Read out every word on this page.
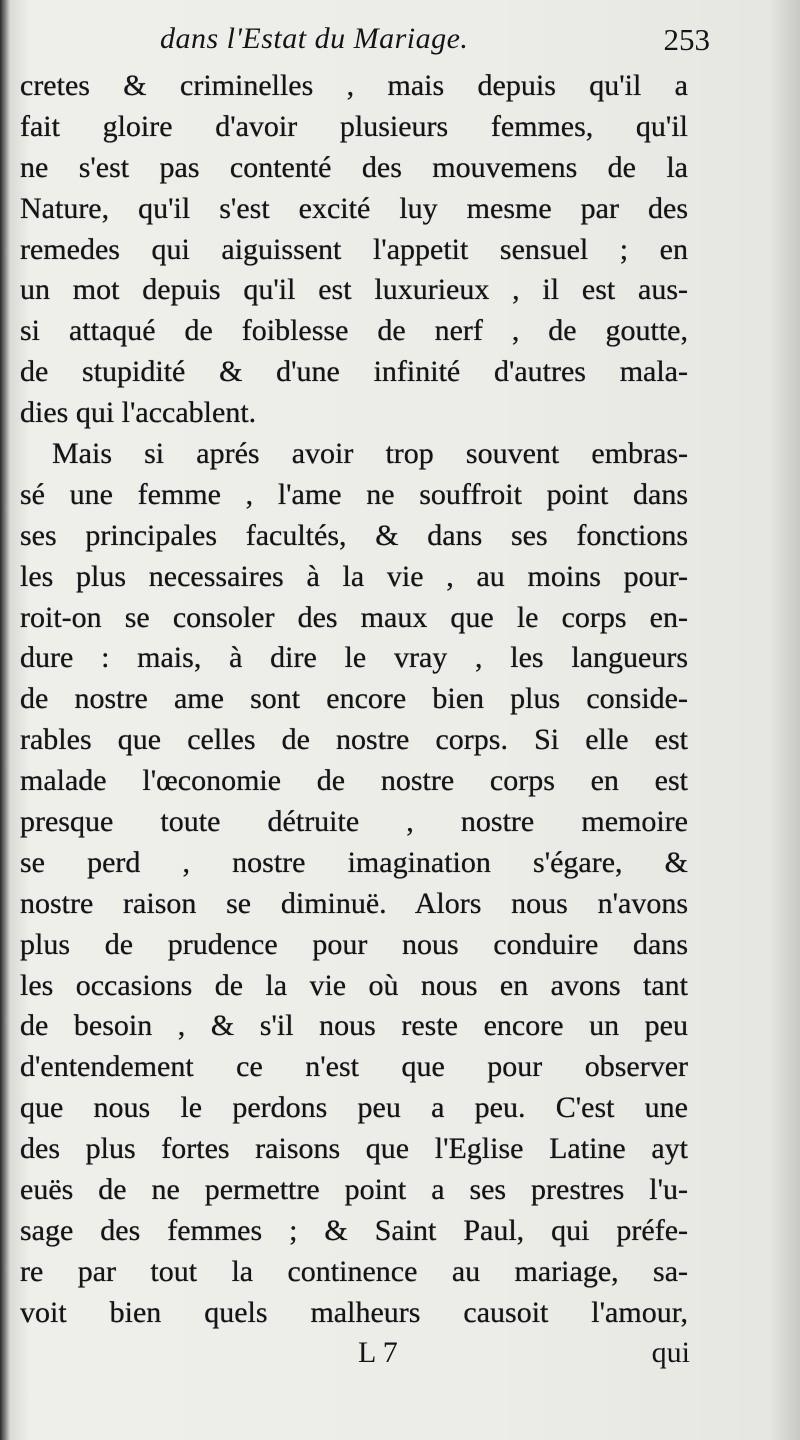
dans l'Estat du Mariage.	253
cretes & criminelles , mais depuis qu'il a
fait gloire d'avoir plusieurs femmes, qu'il
ne s'est pas contenté des mouvemens de la
Nature, qu'il s'est excité luy mesme par des
remedes qui aiguissent l'appetit sensuel ; en
un mot depuis qu'il est luxurieux , il est aus-
si attaqué de foiblesse de nerf , de goutte,
de stupidité & d'une infinité d'autres mala-
dies qui l'accablent.
Mais si aprés avoir trop souvent embras-
sé une femme , l'ame ne souffroit point dans
ses principales facultés, & dans ses fonctions
les plus necessaires à la vie , au moins pour-
roit-on se consoler des maux que le corps en-
dure : mais, à dire le vray , les langueurs
de nostre ame sont encore bien plus conside-
rables que celles de nostre corps. Si elle est
malade l'œconomie de nostre corps en est
presque toute détruite , nostre memoire
se perd , nostre imagination s'égare, &
nostre raison se diminuë. Alors nous n'avons
plus de prudence pour nous conduire dans
les occasions de la vie où nous en avons tant
de besoin , & s'il nous reste encore un peu
d'entendement ce n'est que pour observer
que nous le perdons peu a peu. C'est une
des plus fortes raisons que l'Eglise Latine ayt
euës de ne permettre point a ses prestres l'u-
sage des femmes ; & Saint Paul, qui préfe-
re par tout la continence au mariage, sa-
voit bien quels malheurs causoit l'amour,
L 7	qui
